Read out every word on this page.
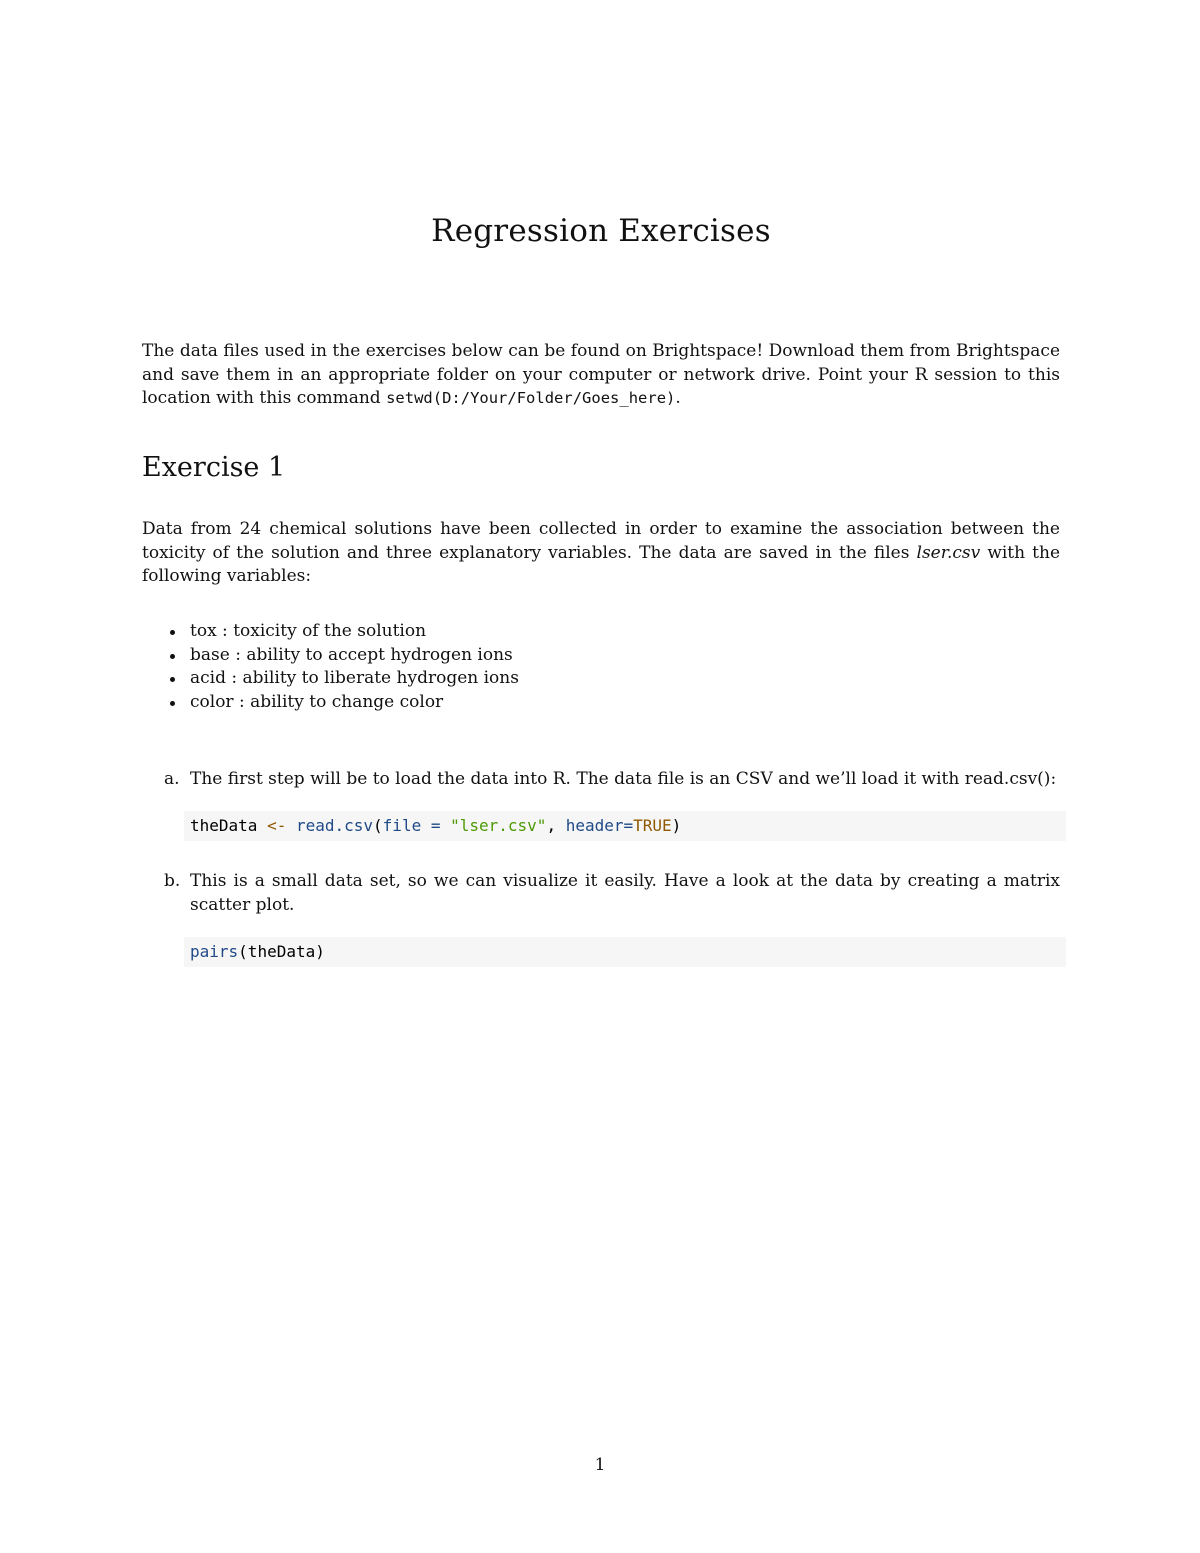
Regression Exercises

The data files used in the exercises below can be found on Brightspace! Download them from Brightspace and save them in an appropriate folder on your computer or network drive. Point your R session to this location with this command setwd(D:/Your/Folder/Goes_here).

Exercise 1

Data from 24 chemical solutions have been collected in order to examine the association between the toxicity of the solution and three explanatory variables. The data are saved in the files lser.csv with the following variables:

tox : toxicity of the solution
base : ability to accept hydrogen ions
acid : ability to liberate hydrogen ions
color : ability to change color
a. The first step will be to load the data into R. The data file is an CSV and we’ll load it with read.csv():
theData <- read.csv(file = "lser.csv", header=TRUE)
b. This is a small data set, so we can visualize it easily. Have a look at the data by creating a matrix scatter plot.
pairs(theData)
1
